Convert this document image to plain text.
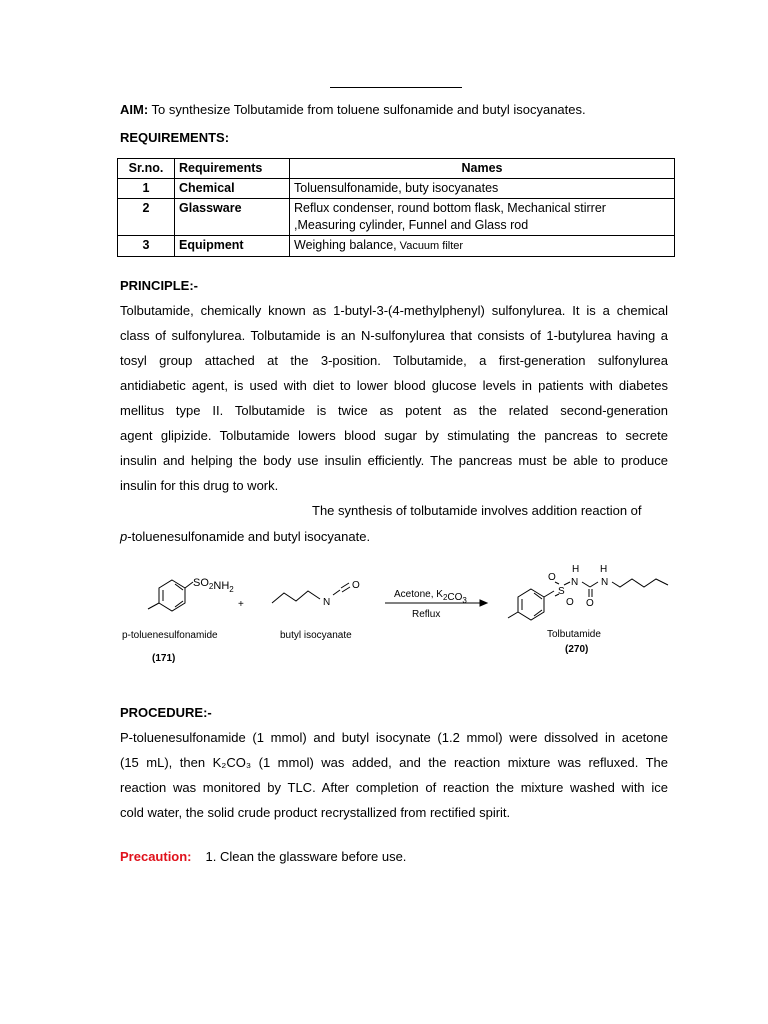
AIM: To synthesize Tolbutamide from toluene sulfonamide and butyl isocyanates.
REQUIREMENTS:
Sr.no.	Requirements	Names
1	Chemical	Toluensulfonamide, buty isocyanates
2	Glassware	Reflux condenser, round bottom flask, Mechanical stirrer
,Measuring cylinder, Funnel and Glass rod

3	Equipment	Weighing balance, Vacuum filter
PRINCIPLE:-
Tolbutamide, chemically known as 1-butyl-3-(4-methylphenyl) sulfonylurea. It is a chemical
class of sulfonylurea. Tolbutamide is an N-sulfonylurea that consists of 1-butylurea having a
tosyl group attached at the 3-position. Tolbutamide, a first-generation sulfonylurea
antidiabetic agent, is used with diet to lower blood glucose levels in patients with diabetes
mellitus type II. Tolbutamide is twice as potent as the related second-generation
agent glipizide. Tolbutamide lowers blood sugar by stimulating the pancreas to secrete
insulin and helping the body use insulin efficiently. The pancreas must be able to produce
insulin for this drug to work.
The synthesis of tolbutamide involves addition reaction of
p-toluenesulfonamide and butyl isocyanate.
$SO_2NH_2$
N
O
+
Acetone, $K_2CO_3$
Reflux
S
O
O
N
H
O
N
H
p-toluenesulfonamide
(171)
butyl isocyanate	Tolbutamide
(270)
PROCEDURE:-
P-toluenesulfonamide (1 mmol) and butyl isocynate (1.2 mmol) were dissolved in acetone
(15 mL), then K₂CO₃ (1 mmol) was added, and the reaction mixture was refluxed. The
reaction was monitored by TLC. After completion of reaction the mixture washed with ice
cold water, the solid crude product recrystallized from rectified spirit.
Precaution: 1. Clean the glassware before use.
